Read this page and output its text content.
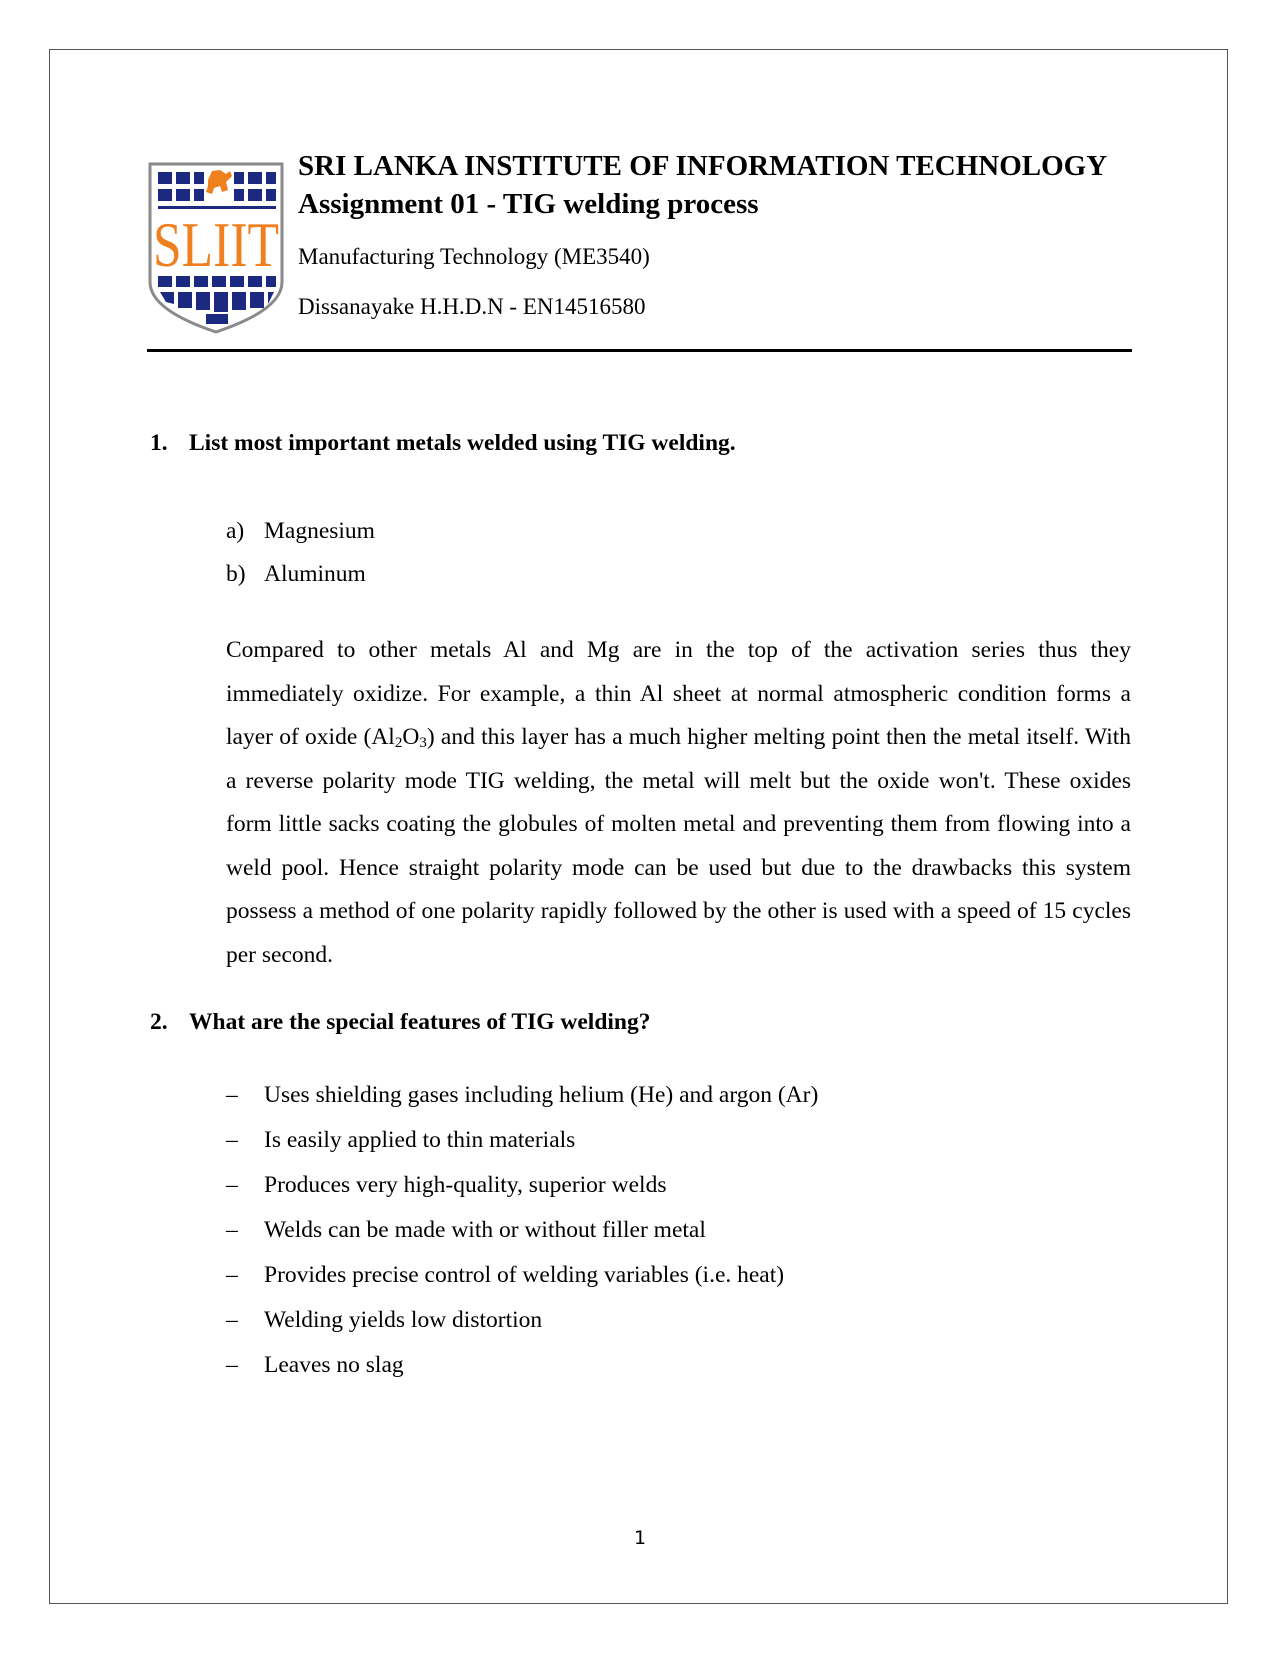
SLIIT
SRI LANKA INSTITUTE OF INFORMATION TECHNOLOGY
Assignment 01 - TIG welding process
Manufacturing Technology (ME3540)
Dissanayake H.H.D.N - EN14516580
1. List most important metals welded using TIG welding.
a) Magnesium
b) Aluminum
Compared to other metals Al and Mg are in the top of the activation series thus they immediately oxidize. For example, a thin Al sheet at normal atmospheric condition forms a layer of oxide $(Al_2O_3)$ and this layer has a much higher melting point then the metal itself. With a reverse polarity mode TIG welding, the metal will melt but the oxide won't. These oxides form little sacks coating the globules of molten metal and preventing them from flowing into a weld pool. Hence straight polarity mode can be used but due to the drawbacks this system possess a method of one polarity rapidly followed by the other is used with a speed of 15 cycles per second.
2. What are the special features of TIG welding?
– Uses shielding gases including helium (He) and argon (Ar)
– Is easily applied to thin materials
– Produces very high-quality, superior welds
– Welds can be made with or without filler metal
– Provides precise control of welding variables (i.e. heat)
– Welding yields low distortion
– Leaves no slag
1
